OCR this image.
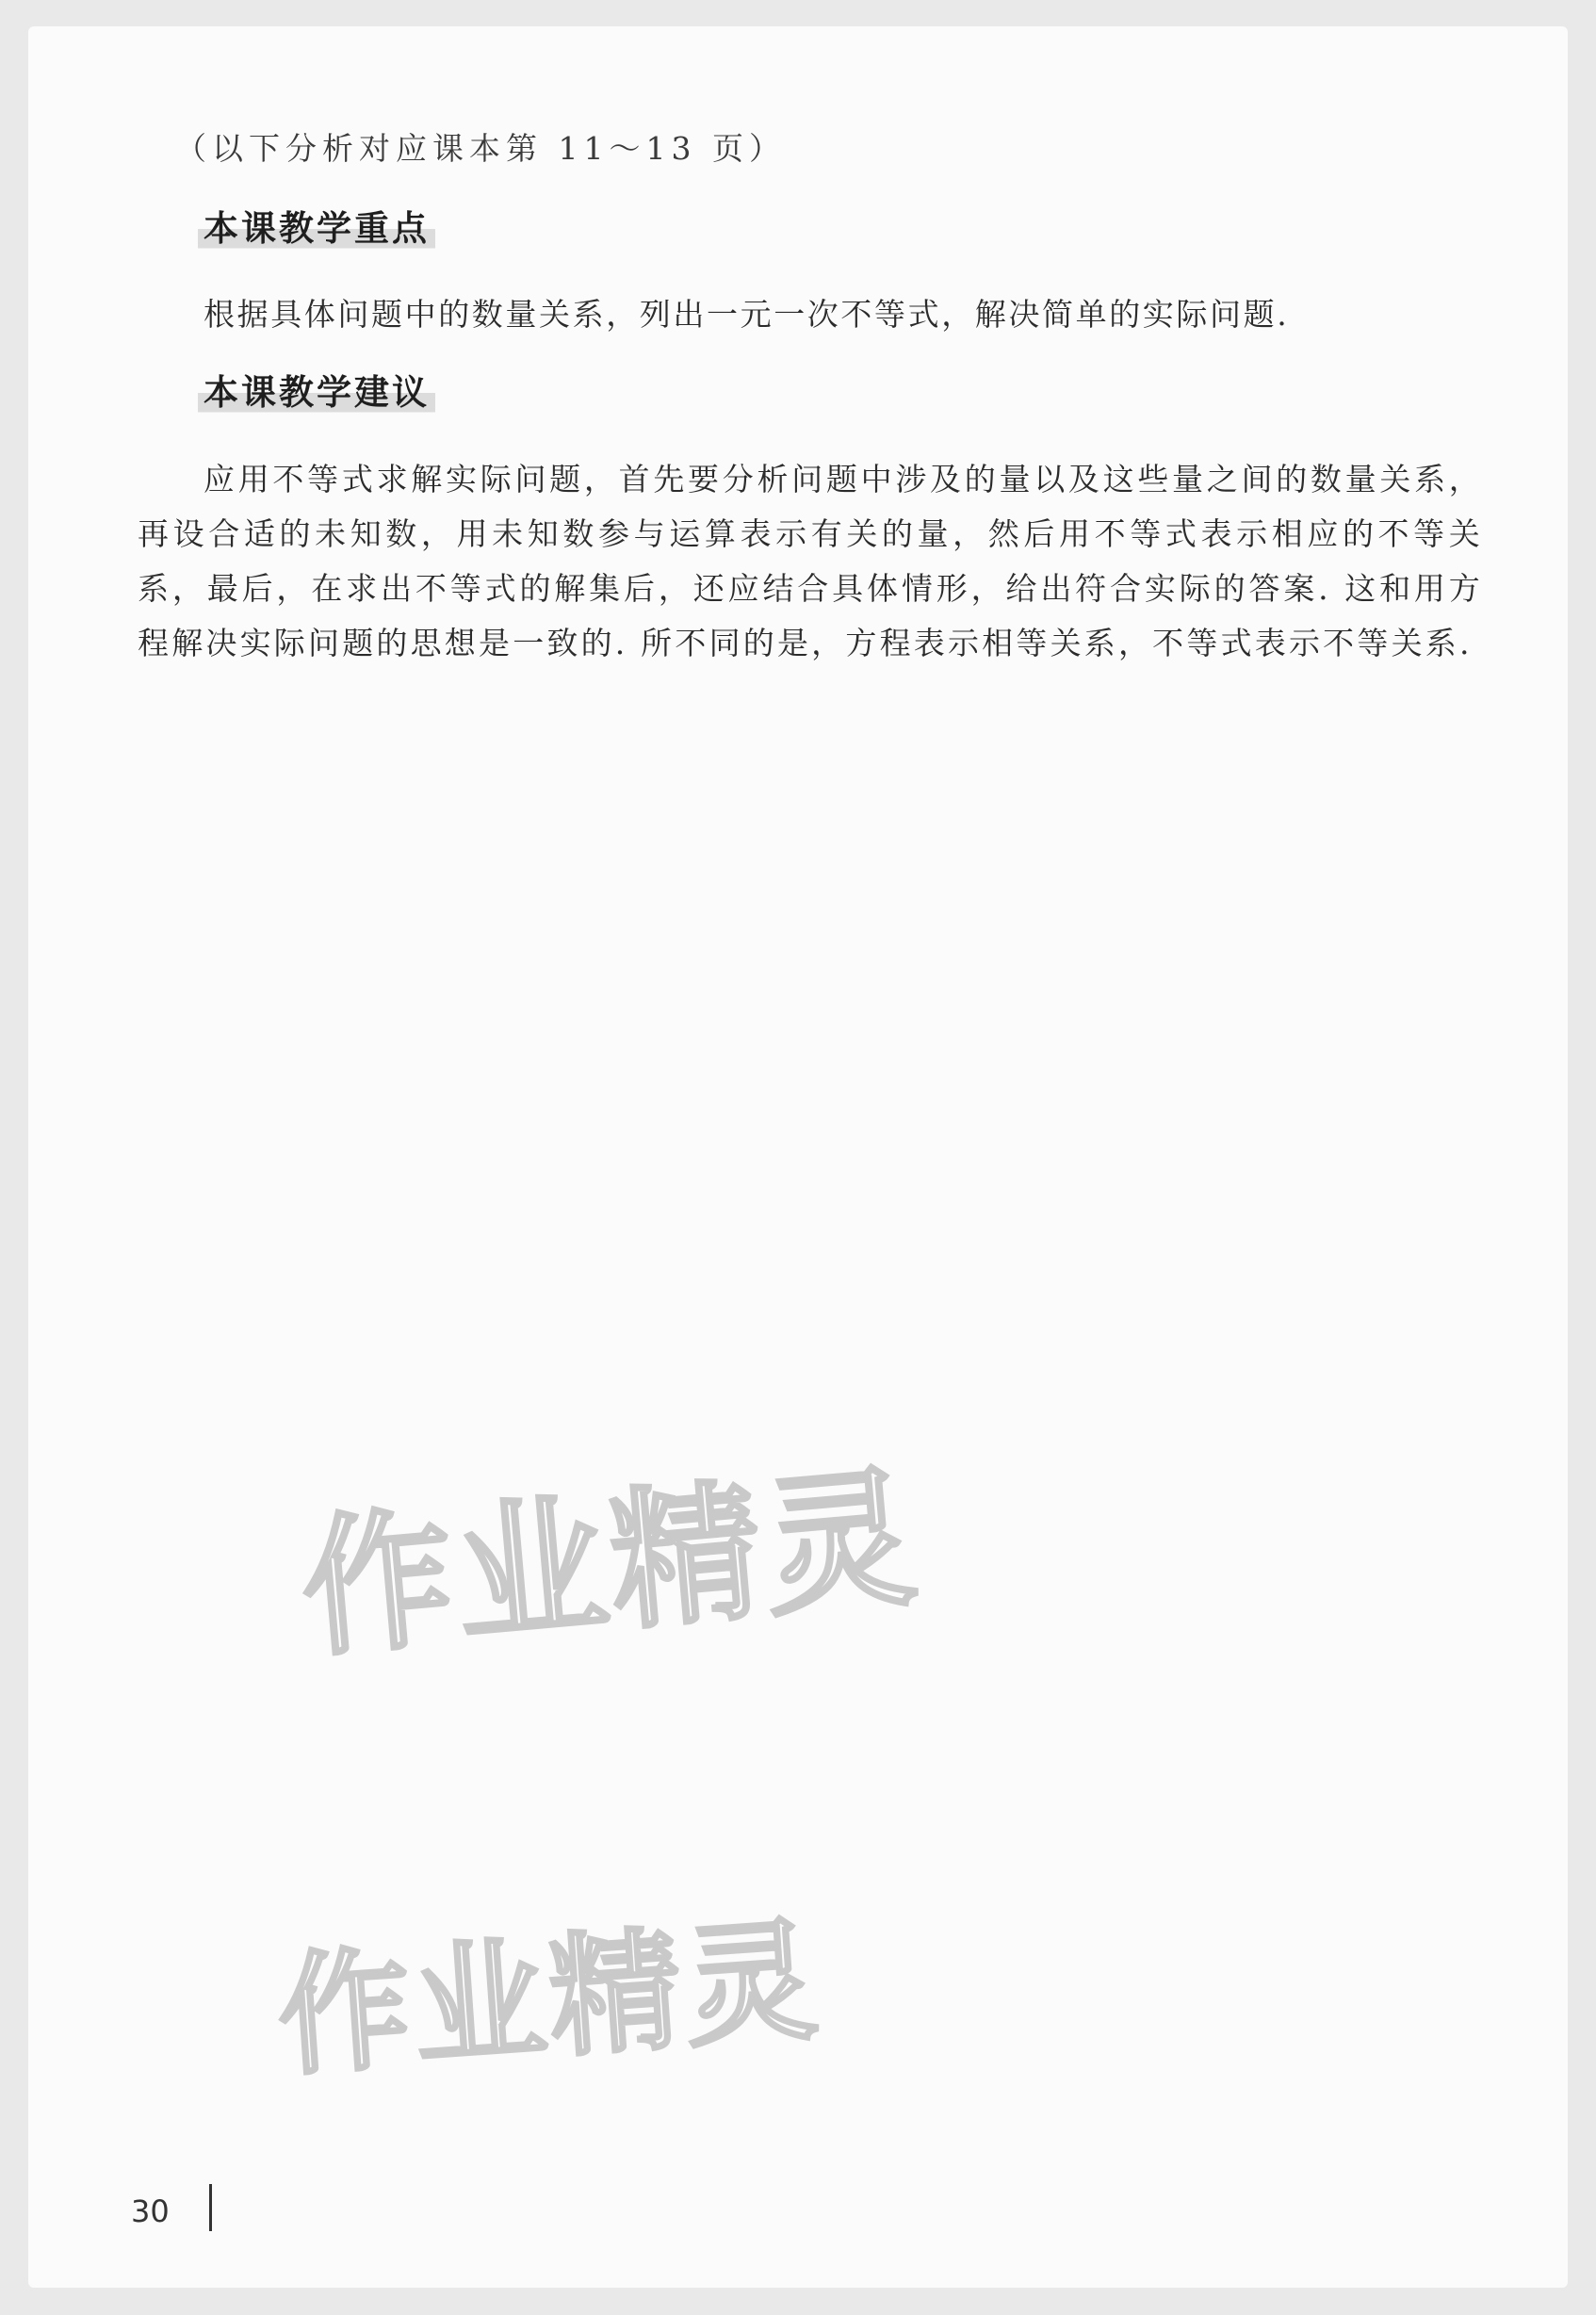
（以下分析对应课本第 11～13 页）
本课教学重点
根据具体问题中的数量关系，列出一元一次不等式，解决简单的实际问题.
本课教学建议

应用不等式求解实际问题，首先要分析问题中涉及的量以及这些量之间的数量关系，再设合适的未知数，用未知数参与运算表示有关的量，然后用不等式表示相应的不等关系，最后，在求出不等式的解集后，还应结合具体情形，给出符合实际的答案. 这和用方程解决实际问题的思想是一致的. 所不同的是，方程表示相等关系，不等式表示不等关系.

作业精灵
作业精灵
30
